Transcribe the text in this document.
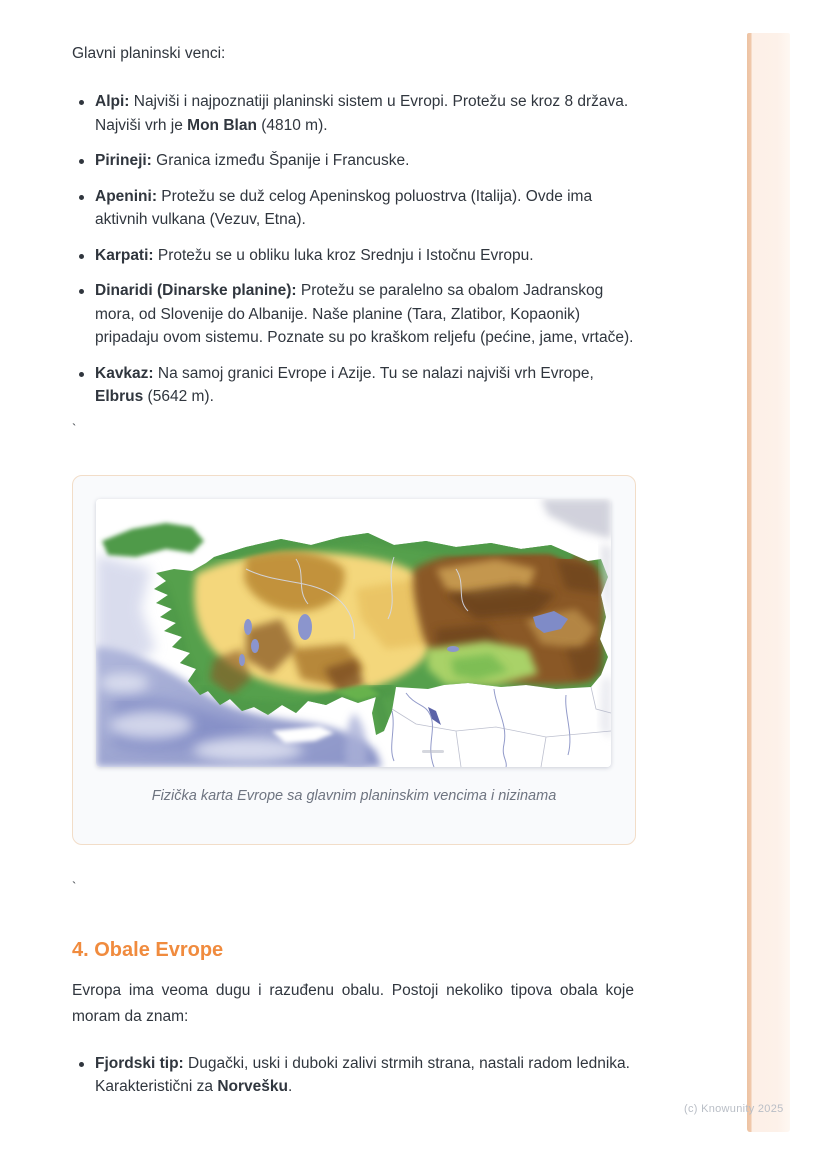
Glavni planinski venci:

Alpi: Najviši i najpoznatiji planinski sistem u Evropi. Protežu se kroz 8 država. Najviši vrh je Mon Blan (4810 m).
Pirineji: Granica između Španije i Francuske.
Apenini: Protežu se duž celog Apeninskog poluostrva (Italija). Ovde ima aktivnih vulkana (Vezuv, Etna).
Karpati: Protežu se u obliku luka kroz Srednju i Istočnu Evropu.
Dinaridi (Dinarske planine): Protežu se paralelno sa obalom Jadranskog mora, od Slovenije do Albanije. Naše planine (Tara, Zlatibor, Kopaonik) pripadaju ovom sistemu. Poznate su po kraškom reljefu (pećine, jame, vrtače).
Kavkaz: Na samoj granici Evrope i Azije. Tu se nalazi najviši vrh Evrope, Elbrus (5642 m).

`

Fizička karta Evrope sa glavnim planinskim vencima i nizinama

`

4. Obale Evrope

Evropa ima veoma dugu i razuđenu obalu. Postoji nekoliko tipova obala koje moram da znam:

Fjordski tip: Dugački, uski i duboki zalivi strmih strana, nastali radom lednika. Karakteristični za Norvešku.
(c) Knowunity 2025
